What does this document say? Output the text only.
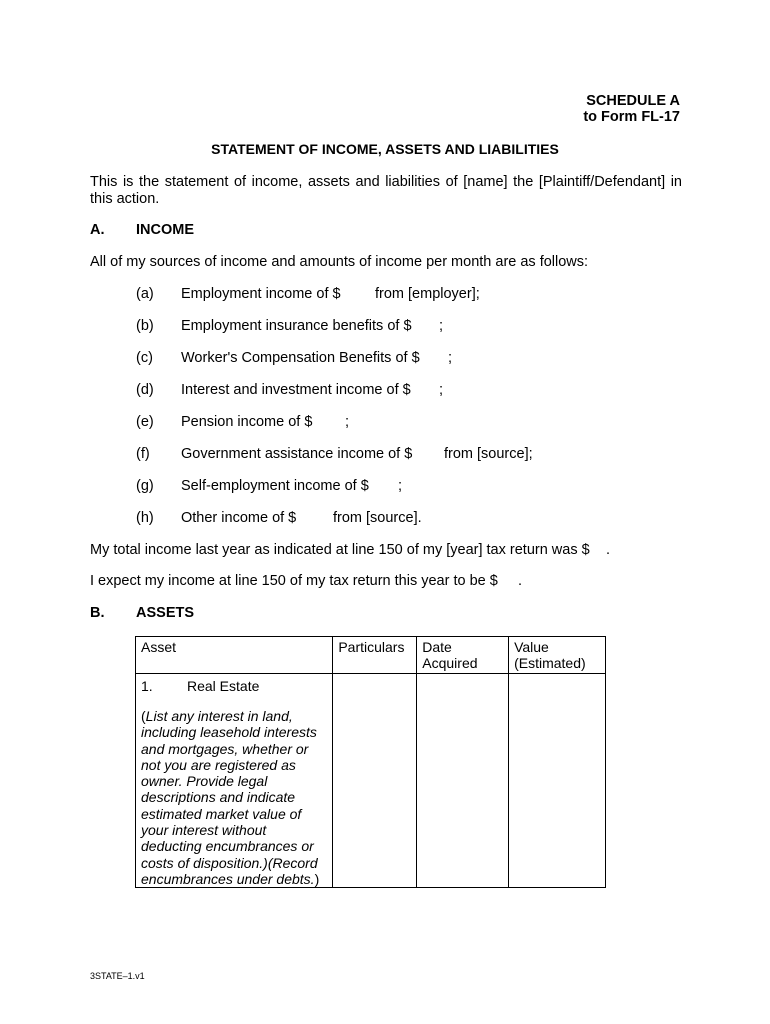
SCHEDULE A
to Form FL-17
STATEMENT OF INCOME, ASSETS AND LIABILITIES
This is the statement of income, assets and liabilities of [name] the [Plaintiff/Defendant] in this action.
A. INCOME
All of my sources of income and amounts of income per month are as follows:
(a) Employment income of $ from [employer];
(b) Employment insurance benefits of $ ;
(c) Worker's Compensation Benefits of $ ;
(d) Interest and investment income of $ ;
(e) Pension income of $ ;
(f) Government assistance income of $ from [source];
(g) Self-employment income of $ ;
(h) Other income of $	from [source].
My total income last year as indicated at line 150 of my [year] tax return was $ .
I expect my income at line 150 of my tax return this year to be $ .
B. ASSETS
Asset	Particulars	Date Acquired	Value (Estimated)

1. Real Estate
(List any interest in land, including leasehold interests and mortgages, whether or not you are registered as owner. Provide legal descriptions and indicate estimated market value of your interest without deducting encumbrances or costs of disposition.)(Record encumbrances under debts.)			

3STATE–1.v1
